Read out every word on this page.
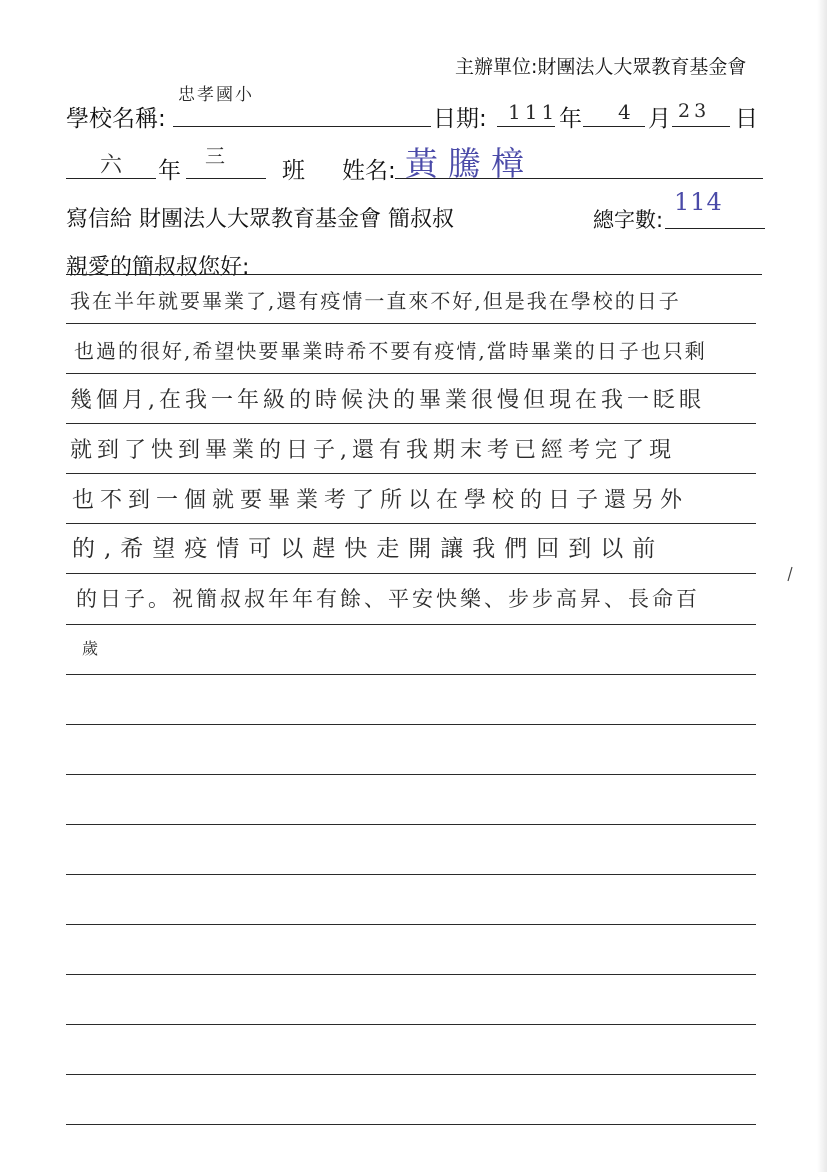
主辦單位:財團法人大眾教育基金會
學校名稱:
忠孝國小
日期: 111 年 4 月 23 日
六 年
三
班 姓名: 黃騰樟
寫信給 財團法人大眾教育基金會 簡叔叔	總字數:
114
親愛的簡叔叔您好:
我在半年就要畢業了,還有疫情一直來不好,但是我在學校的日子
也過的很好,希望快要畢業時希不要有疫情,當時畢業的日子也只剩
幾個月,在我一年級的時候決的畢業很慢但現在我一眨眼
就到了快到畢業的日子,還有我期末考已經考完了現
也不到一個就要畢業考了所以在學校的日子還另外
的,希望疫情可以趕快走開讓我們回到以前
的日子。祝簡叔叔年年有餘、平安快樂、步步高昇、長命百
歲
